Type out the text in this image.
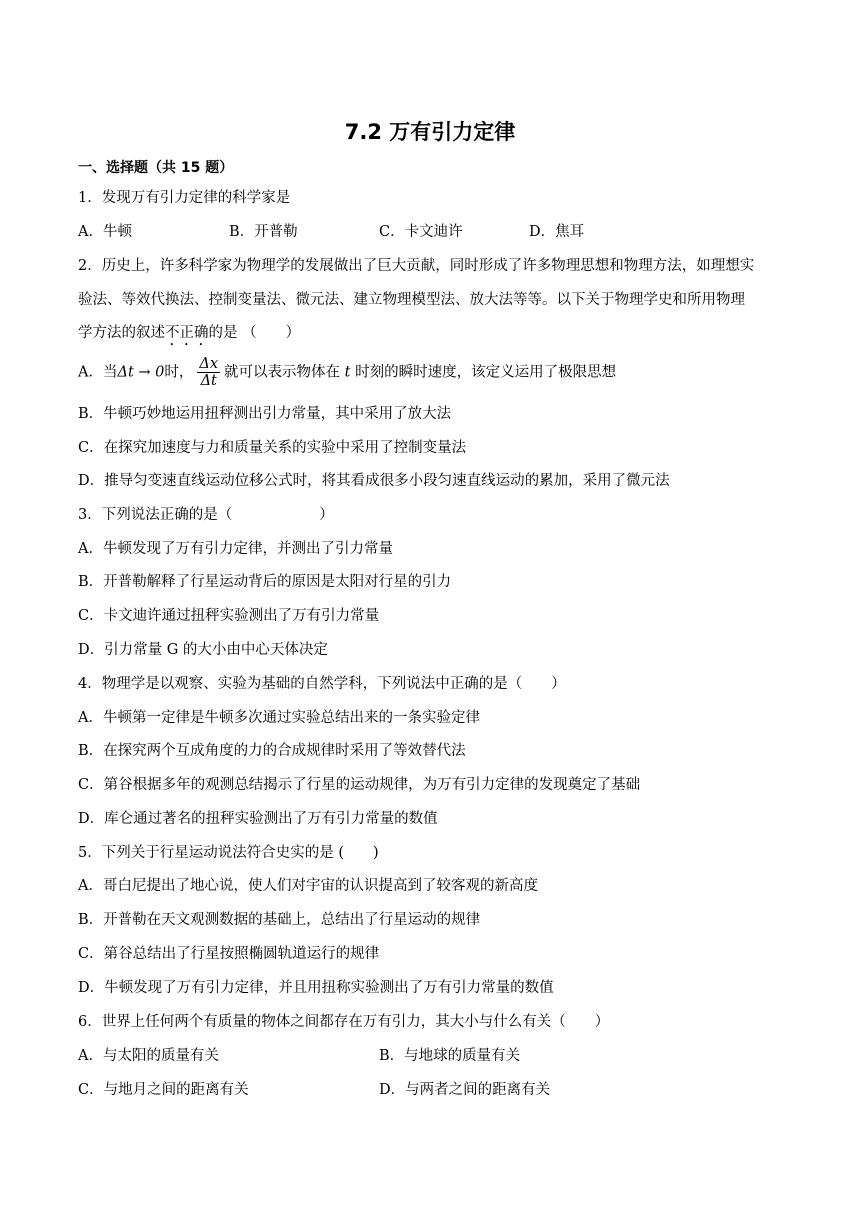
7.2 万有引力定律
一、选择题（共 15 题）
1．发现万有引力定律的科学家是
A．牛顿	B．开普勒	C．卡文迪许	D．焦耳
2．历史上，许多科学家为物理学的发展做出了巨大贡献，同时形成了许多物理思想和物理方法，如理想实
验法、等效代换法、控制变量法、微元法、建立物理模型法、放大法等等。以下关于物理学史和所用物理
学方法的叙述不正确的是 （　　）
A．当Δt → 0时， $\frac{\Delta x}{\Delta t}$ 就可以表示物体在 t 时刻的瞬时速度，该定义运用了极限思想
B．牛顿巧妙地运用扭秤测出引力常量，其中采用了放大法
C．在探究加速度与力和质量关系的实验中采用了控制变量法
D．推导匀变速直线运动位移公式时，将其看成很多小段匀速直线运动的累加，采用了微元法
3．下列说法正确的是（　　　　　　）
A．牛顿发现了万有引力定律，并测出了引力常量
B．开普勒解释了行星运动背后的原因是太阳对行星的引力
C．卡文迪许通过扭秤实验测出了万有引力常量
D．引力常量 G 的大小由中心天体决定
4．物理学是以观察、实验为基础的自然学科，下列说法中正确的是（　　）
A．牛顿第一定律是牛顿多次通过实验总结出来的一条实验定律
B．在探究两个互成角度的力的合成规律时采用了等效替代法
C．第谷根据多年的观测总结揭示了行星的运动规律，为万有引力定律的发现奠定了基础
D．库仑通过著名的扭秤实验测出了万有引力常量的数值
5．下列关于行星运动说法符合史实的是 (　　)
A．哥白尼提出了地心说，使人们对宇宙的认识提高到了较客观的新高度
B．开普勒在天文观测数据的基础上，总结出了行星运动的规律
C．第谷总结出了行星按照椭圆轨道运行的规律
D．牛顿发现了万有引力定律，并且用扭称实验测出了万有引力常量的数值
6．世界上任何两个有质量的物体之间都存在万有引力，其大小与什么有关（　　）
A．与太阳的质量有关	B．与地球的质量有关
C．与地月之间的距离有关	D．与两者之间的距离有关
